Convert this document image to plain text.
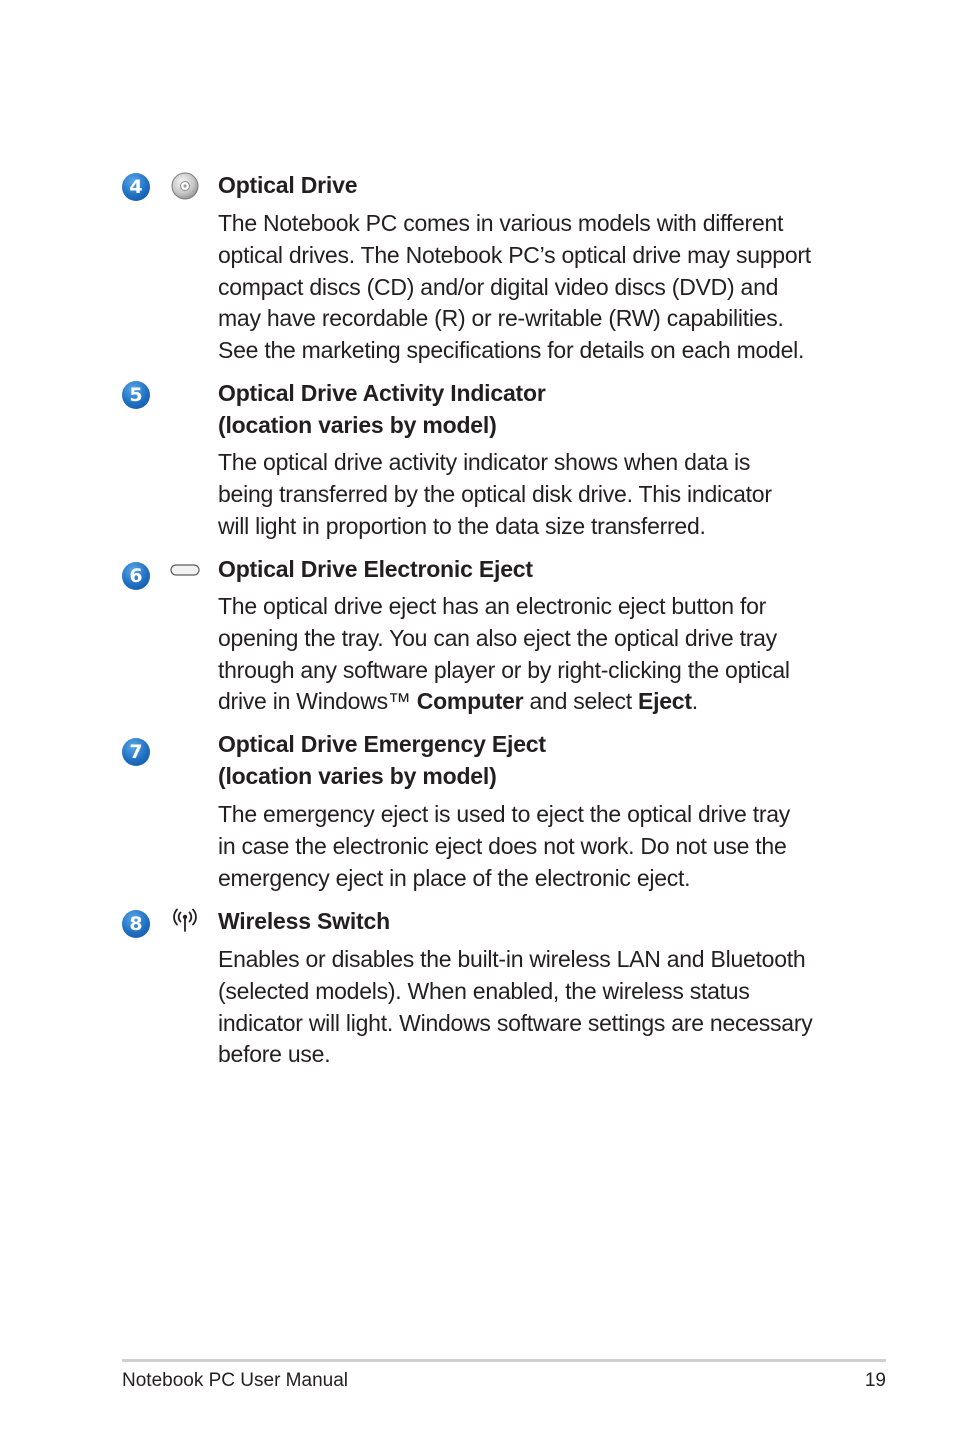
4	Optical Drive
The Notebook PC comes in various models with different
optical drives. The Notebook PC’s optical drive may support
compact discs (CD) and/or digital video discs (DVD) and
may have recordable (R) or re-writable (RW) capabilities.
See the marketing specifications for details on each model.
5	Optical Drive Activity Indicator
(location varies by model)
The optical drive activity indicator shows when data is
being transferred by the optical disk drive. This indicator
will light in proportion to the data size transferred.
6	Optical Drive Electronic Eject
The optical drive eject has an electronic eject button for
opening the tray. You can also eject the optical drive tray
through any software player or by right-clicking the optical
drive in Windows™ Computer and select Eject.
7	Optical Drive Emergency Eject
(location varies by model)
The emergency eject is used to eject the optical drive tray
in case the electronic eject does not work. Do not use the
emergency eject in place of the electronic eject.
8	Wireless Switch
Enables or disables the built-in wireless LAN and Bluetooth
(selected models). When enabled, the wireless status
indicator will light. Windows software settings are necessary
before use.
Notebook PC User Manual	19
